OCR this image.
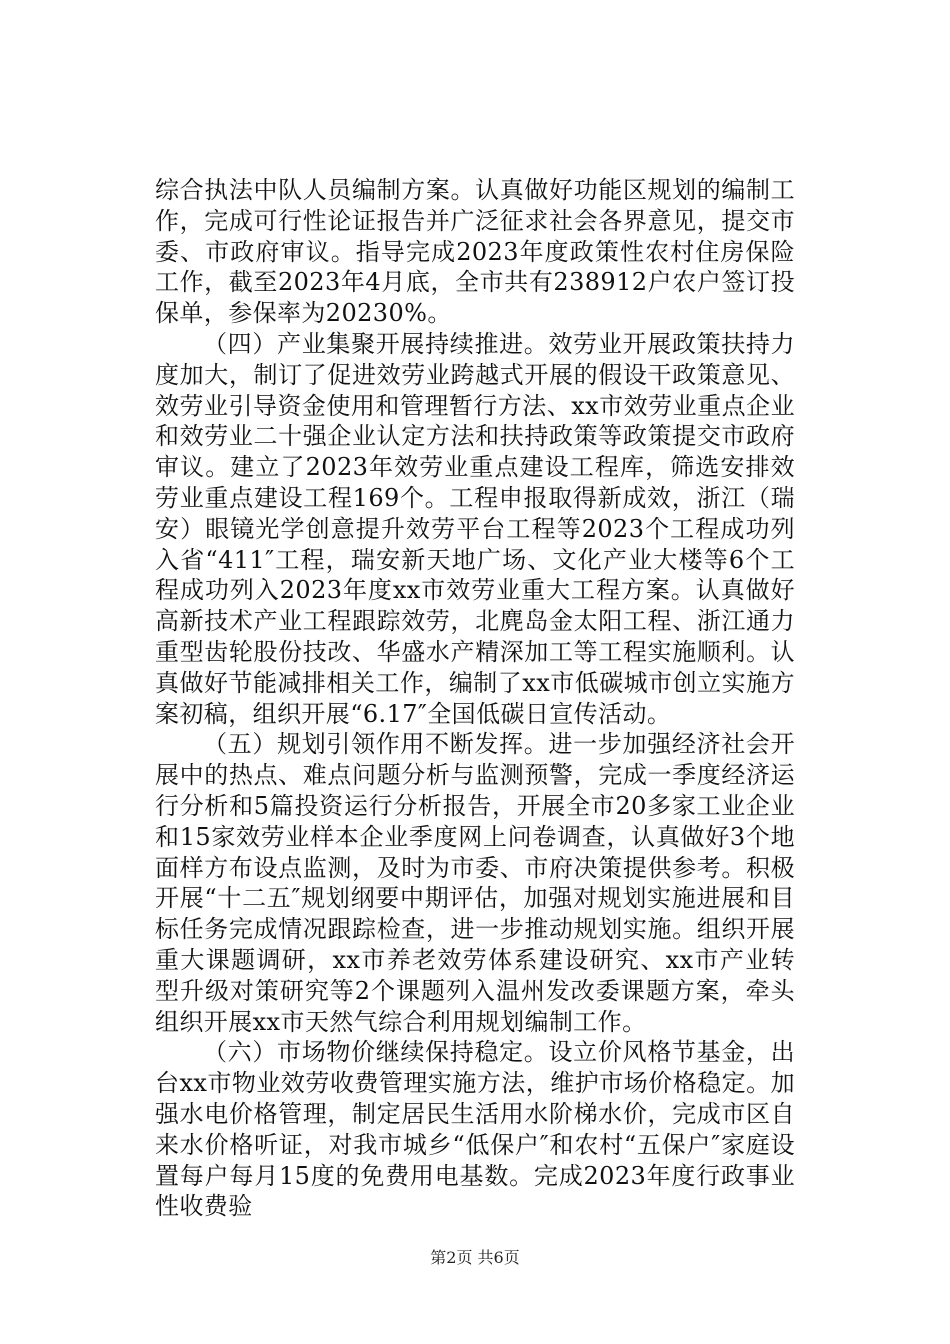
综合执法中队人员编制方案。认真做好功能区规划的编制工作，完成可行性论证报告并广泛征求社会各界意见，提交市委、市政府审议。指导完成2023年度政策性农村住房保险工作，截至2023年4月底，全市共有238912户农户签订投保单，参保率为20230%。

（四）产业集聚开展持续推进。效劳业开展政策扶持力度加大，制订了促进效劳业跨越式开展的假设干政策意见、效劳业引导资金使用和管理暂行方法、xx市效劳业重点企业和效劳业二十强企业认定方法和扶持政策等政策提交市政府审议。建立了2023年效劳业重点建设工程库，筛选安排效劳业重点建设工程169个。工程申报取得新成效，浙江（瑞安）眼镜光学创意提升效劳平台工程等2023个工程成功列入省“411″工程，瑞安新天地广场、文化产业大楼等6个工程成功列入2023年度xx市效劳业重大工程方案。认真做好高新技术产业工程跟踪效劳，北麂岛金太阳工程、浙江通力重型齿轮股份技改、华盛水产精深加工等工程实施顺利。认真做好节能减排相关工作，编制了xx市低碳城市创立实施方案初稿，组织开展“6.17″全国低碳日宣传活动。

（五）规划引领作用不断发挥。进一步加强经济社会开展中的热点、难点问题分析与监测预警，完成一季度经济运行分析和5篇投资运行分析报告，开展全市20多家工业企业和15家效劳业样本企业季度网上问卷调查，认真做好3个地面样方布设点监测，及时为市委、市府决策提供参考。积极开展“十二五″规划纲要中期评估，加强对规划实施进展和目标任务完成情况跟踪检查，进一步推动规划实施。组织开展重大课题调研，xx市养老效劳体系建设研究、xx市产业转型升级对策研究等2个课题列入温州发改委课题方案，牵头组织开展xx市天然气综合利用规划编制工作。

（六）市场物价继续保持稳定。设立价风格节基金，出台xx市物业效劳收费管理实施方法，维护市场价格稳定。加强水电价格管理，制定居民生活用水阶梯水价，完成市区自来水价格听证，对我市城乡“低保户″和农村“五保户″家庭设置每户每月15度的免费用电基数。完成2023年度行政事业性收费验

第2页 共6页
